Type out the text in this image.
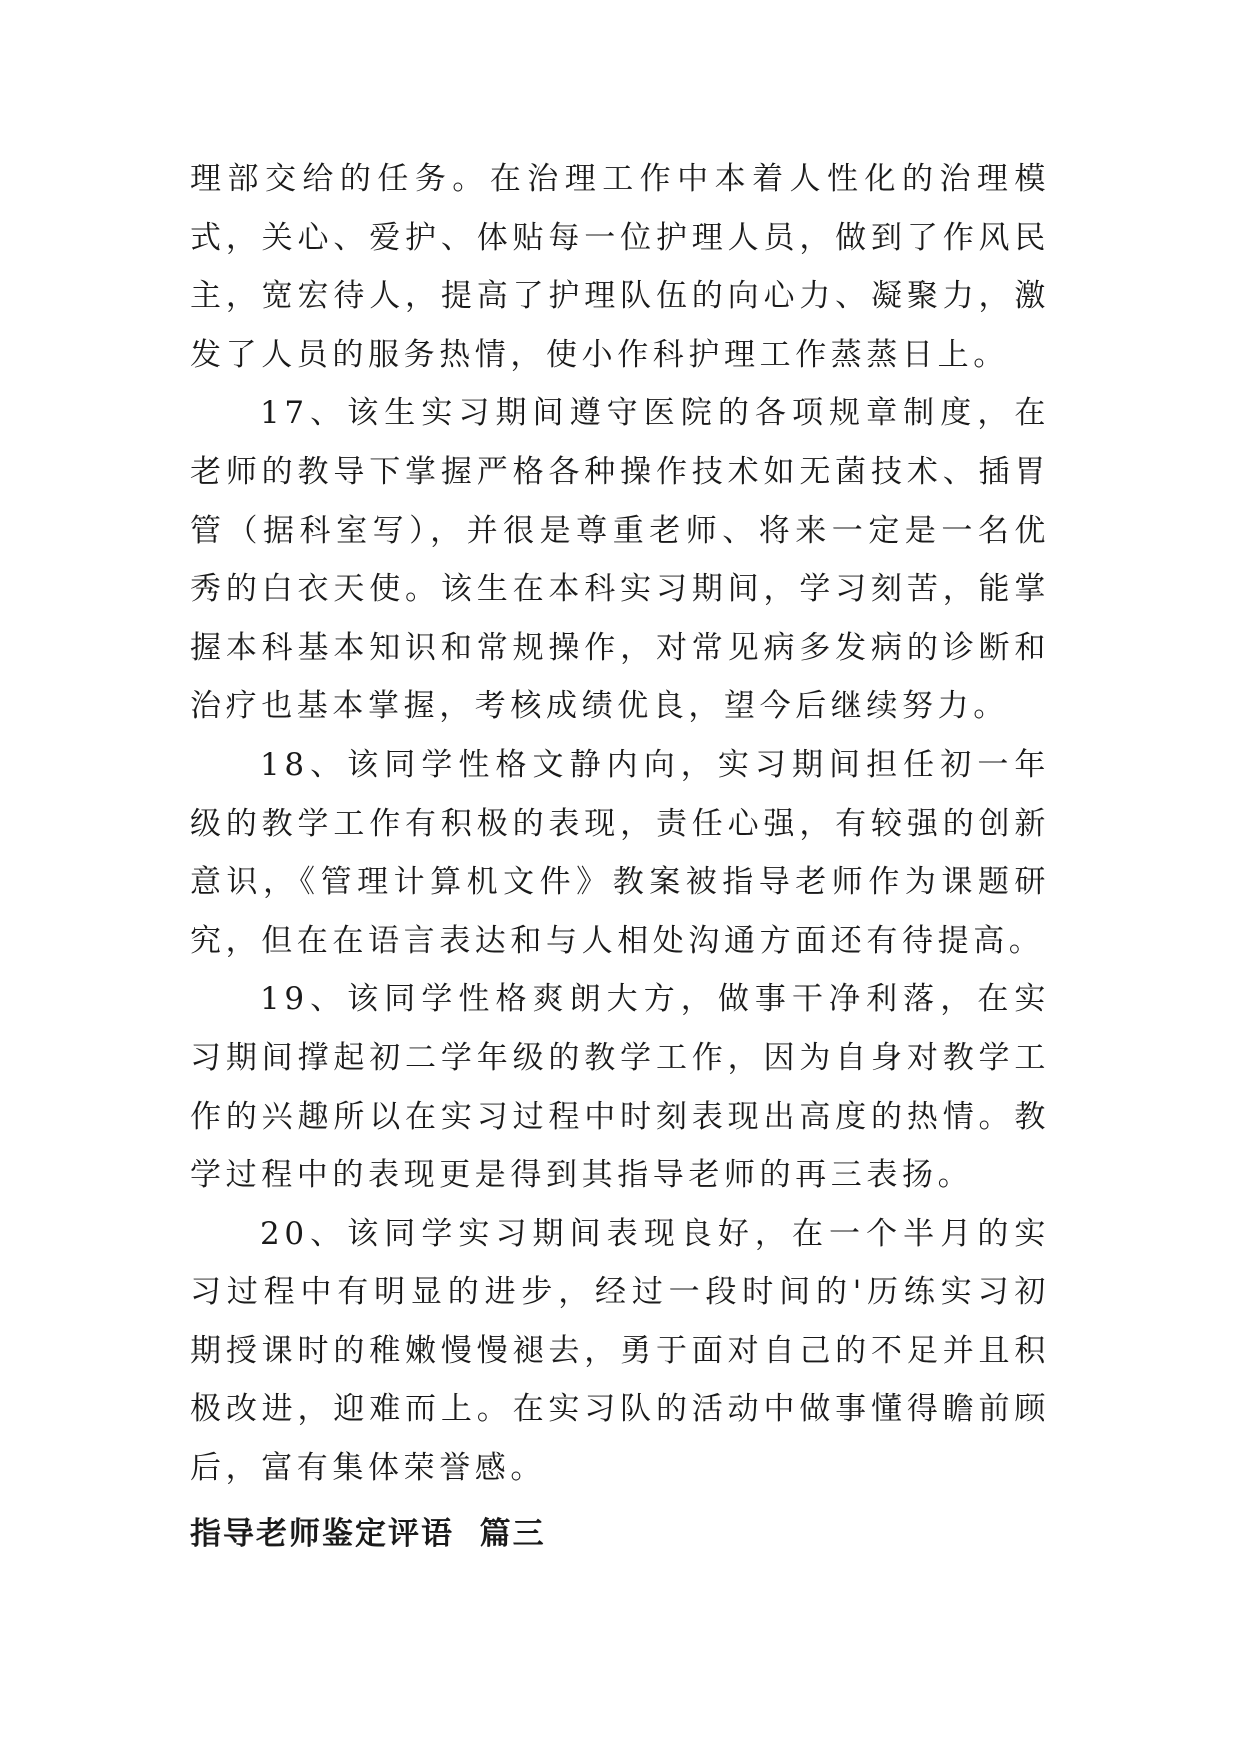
理部交给的任务。在治理工作中本着人性化的治理模式，关心、爱护、体贴每一位护理人员，做到了作风民主，宽宏待人，提高了护理队伍的向心力、凝聚力，激发了人员的服务热情，使小作科护理工作蒸蒸日上。

17、该生实习期间遵守医院的各项规章制度，在老师的教导下掌握严格各种操作技术如无菌技术、插胃管（据科室写），并很是尊重老师、将来一定是一名优秀的白衣天使。该生在本科实习期间，学习刻苦，能掌握本科基本知识和常规操作，对常见病多发病的诊断和治疗也基本掌握，考核成绩优良，望今后继续努力。

18、该同学性格文静内向，实习期间担任初一年级的教学工作有积极的表现，责任心强，有较强的创新意识，《管理计算机文件》教案被指导老师作为课题研究，但在在语言表达和与人相处沟通方面还有待提高。

19、该同学性格爽朗大方，做事干净利落，在实习期间撑起初二学年级的教学工作，因为自身对教学工作的兴趣所以在实习过程中时刻表现出高度的热情。教学过程中的表现更是得到其指导老师的再三表扬。

20、该同学实习期间表现良好，在一个半月的实习过程中有明显的进步，经过一段时间的'历练实习初期授课时的稚嫩慢慢褪去，勇于面对自己的不足并且积极改进，迎难而上。在实习队的活动中做事懂得瞻前顾后，富有集体荣誉感。

指导老师鉴定评语  篇三
